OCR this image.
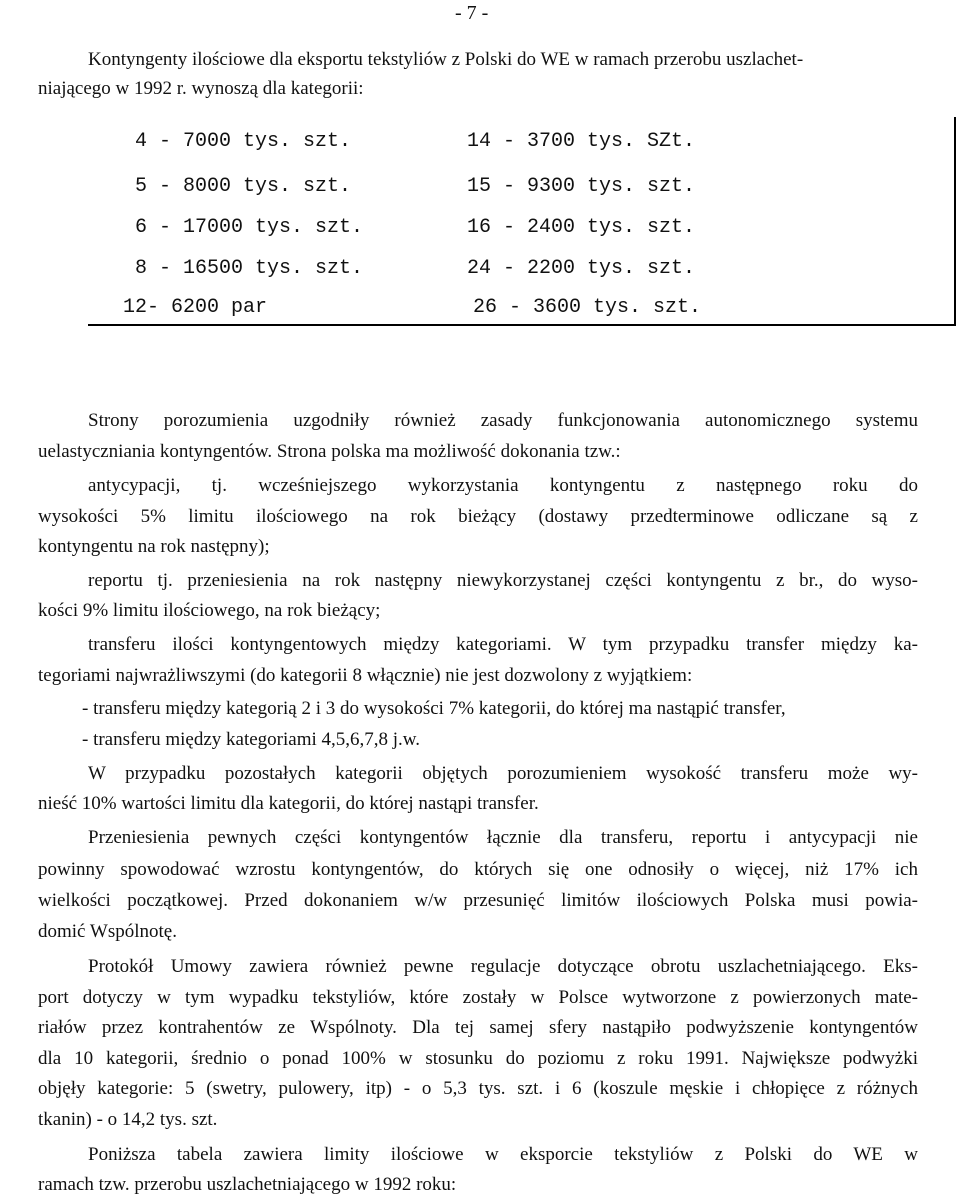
- 7 -
Kontyngenty ilościowe dla eksportu tekstyliów z Polski do WE w ramach przerobu uszlachet-
niającego w 1992 r. wynoszą dla kategorii:
4 - 7000 tys. szt.
5 - 8000 tys. szt.
6 - 17000 tys. szt.
8 - 16500 tys. szt.
12- 6200 par
14 - 3700 tys. SZt.
15 - 9300 tys. szt.
16 - 2400 tys. szt.
24 - 2200 tys. szt.
26 - 3600 tys. szt.
Strony porozumienia uzgodniły również zasady funkcjonowania autonomicznego systemu
uelastyczniania kontyngentów. Strona polska ma możliwość dokonania tzw.:
antycypacji, tj. wcześniejszego wykorzystania kontyngentu z następnego roku do
wysokości 5% limitu ilościowego na rok bieżący (dostawy przedterminowe odliczane są z
kontyngentu na rok następny);
reportu tj. przeniesienia na rok następny niewykorzystanej części kontyngentu z br., do wyso-
kości 9% limitu ilościowego, na rok bieżący;
transferu ilości kontyngentowych między kategoriami. W tym przypadku transfer między ka-
tegoriami najwrażliwszymi (do kategorii 8 włącznie) nie jest dozwolony z wyjątkiem:
- transferu między kategorią 2 i 3 do wysokości 7% kategorii, do której ma nastąpić transfer,
- transferu między kategoriami 4,5,6,7,8 j.w.
W przypadku pozostałych kategorii objętych porozumieniem wysokość transferu może wy-
nieść 10% wartości limitu dla kategorii, do której nastąpi transfer.
Przeniesienia pewnych części kontyngentów łącznie dla transferu, reportu i antycypacji nie
powinny spowodować wzrostu kontyngentów, do których się one odnosiły o więcej, niż 17% ich
wielkości początkowej. Przed dokonaniem w/w przesunięć limitów ilościowych Polska musi powia-
domić Wspólnotę.
Protokół Umowy zawiera również pewne regulacje dotyczące obrotu uszlachetniającego. Eks-
port dotyczy w tym wypadku tekstyliów, które zostały w Polsce wytworzone z powierzonych mate-
riałów przez kontrahentów ze Wspólnoty. Dla tej samej sfery nastąpiło podwyższenie kontyngentów
dla 10 kategorii, średnio o ponad 100% w stosunku do poziomu z roku 1991. Największe podwyżki
objęły kategorie: 5 (swetry, pulowery, itp) - o 5,3 tys. szt. i 6 (koszule męskie i chłopięce z różnych
tkanin) - o 14,2 tys. szt.
Poniższa tabela zawiera limity ilościowe w eksporcie tekstyliów z Polski do WE w
ramach tzw. przerobu uszlachetniającego w 1992 roku:
